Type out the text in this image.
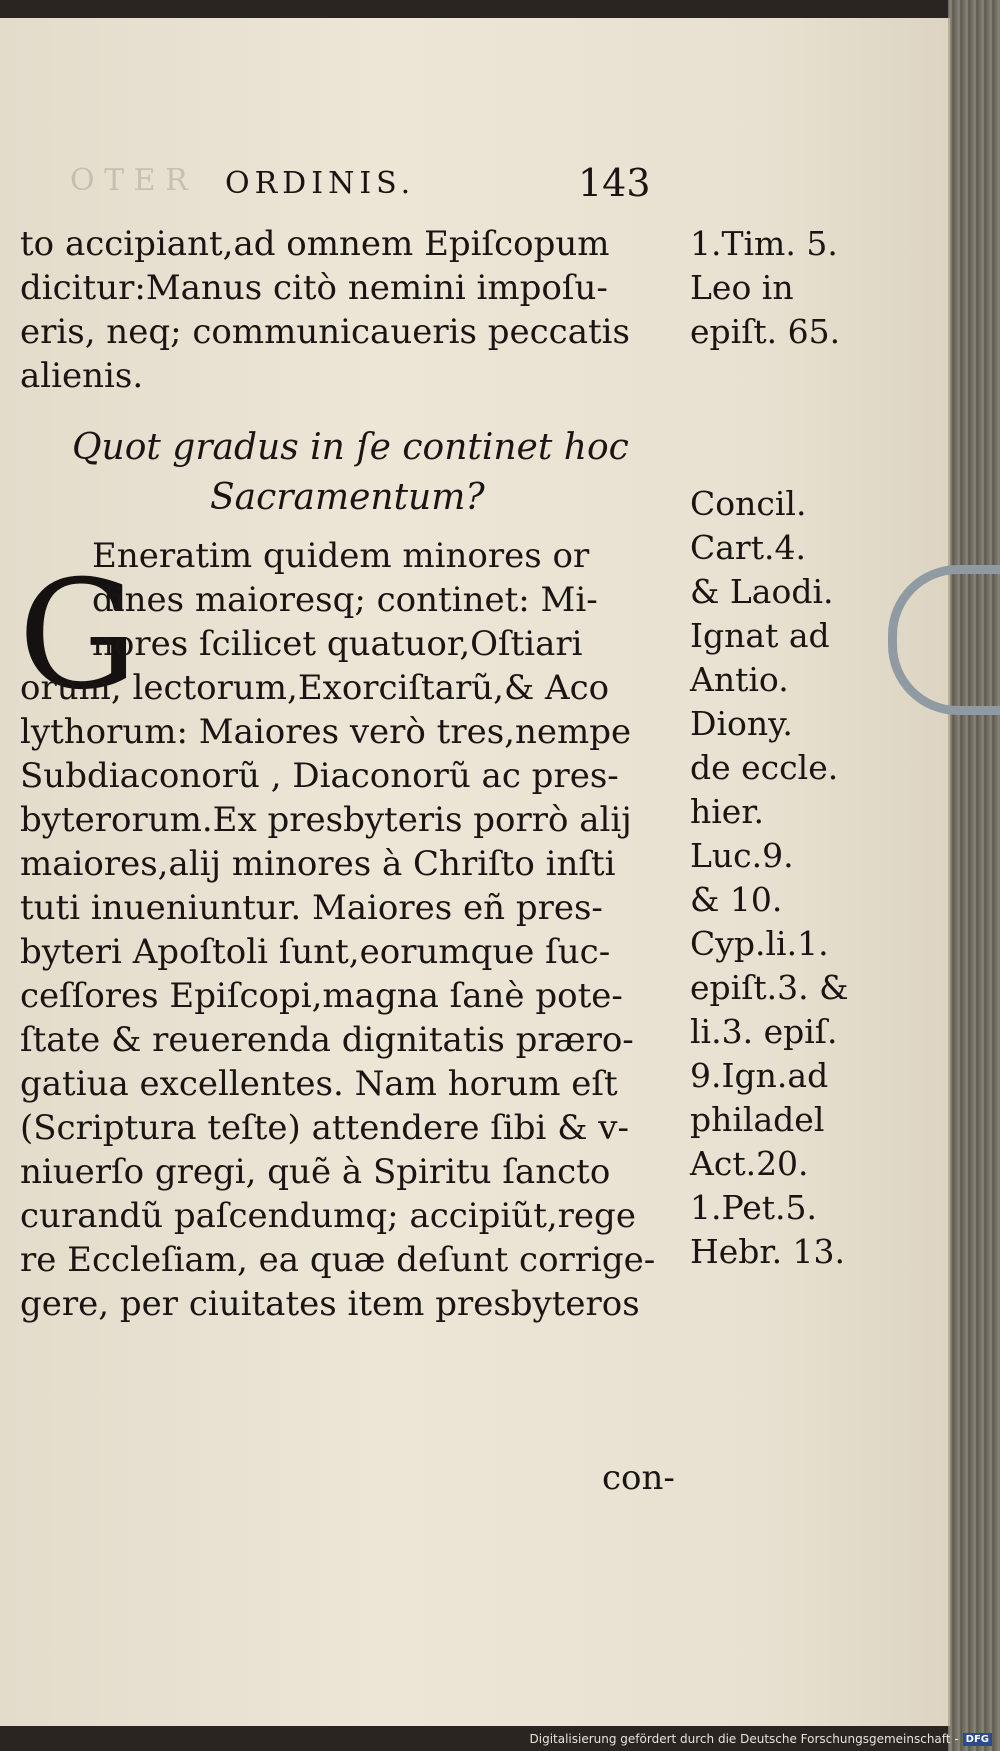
O T E R ORDINIS.	143
to accipiant,ad omnem Epiſcopum
dicitur:Manus citò nemini impoſu-
eris, neq; communicaueris peccatis
alienis.
1.Tim. 5.
Leo in
epiſt. 65.
Quot gradus in ſe continet hoc
Sacramentum?
G
Eneratim quidem minores or
dines maioresq; continet: Mi-
nores ſcilicet quatuor,Oſtiari
orum, lectorum,Exorciſtarũ,& Aco
lythorum: Maiores verò tres,nempe
Subdiaconorũ , Diaconorũ ac pres-
byterorum.Ex presbyteris porrò alij
maiores,alij minores à Chriſto inſti
tuti inueniuntur. Maiores eñ pres-
byteri Apoſtoli ſunt,eorumque ſuc-
ceſſores Epiſcopi,magna ſanè pote-
ſtate & reuerenda dignitatis præro-
gatiua excellentes. Nam horum eſt
(Scriptura teſte) attendere ſibi & v-
niuerſo gregi, quẽ à Spiritu ſancto
curandũ paſcendumq; accipiũt,rege
re Eccleſiam, ea quæ deſunt corrige-
gere, per ciuitates item presbyteros
Concil.
Cart.4.
& Laodi.
Ignat ad
Antio.
Diony.
de eccle.
hier.
Luc.9.
& 10.
Cyp.li.1.
epiſt.3. &
li.3. epiſ.
9.Ign.ad
philadel
Act.20.
1.Pet.5.
Hebr. 13.
con-
Digitalisierung gefördert durch die Deutsche Forschungsgemeinschaft - DFG
